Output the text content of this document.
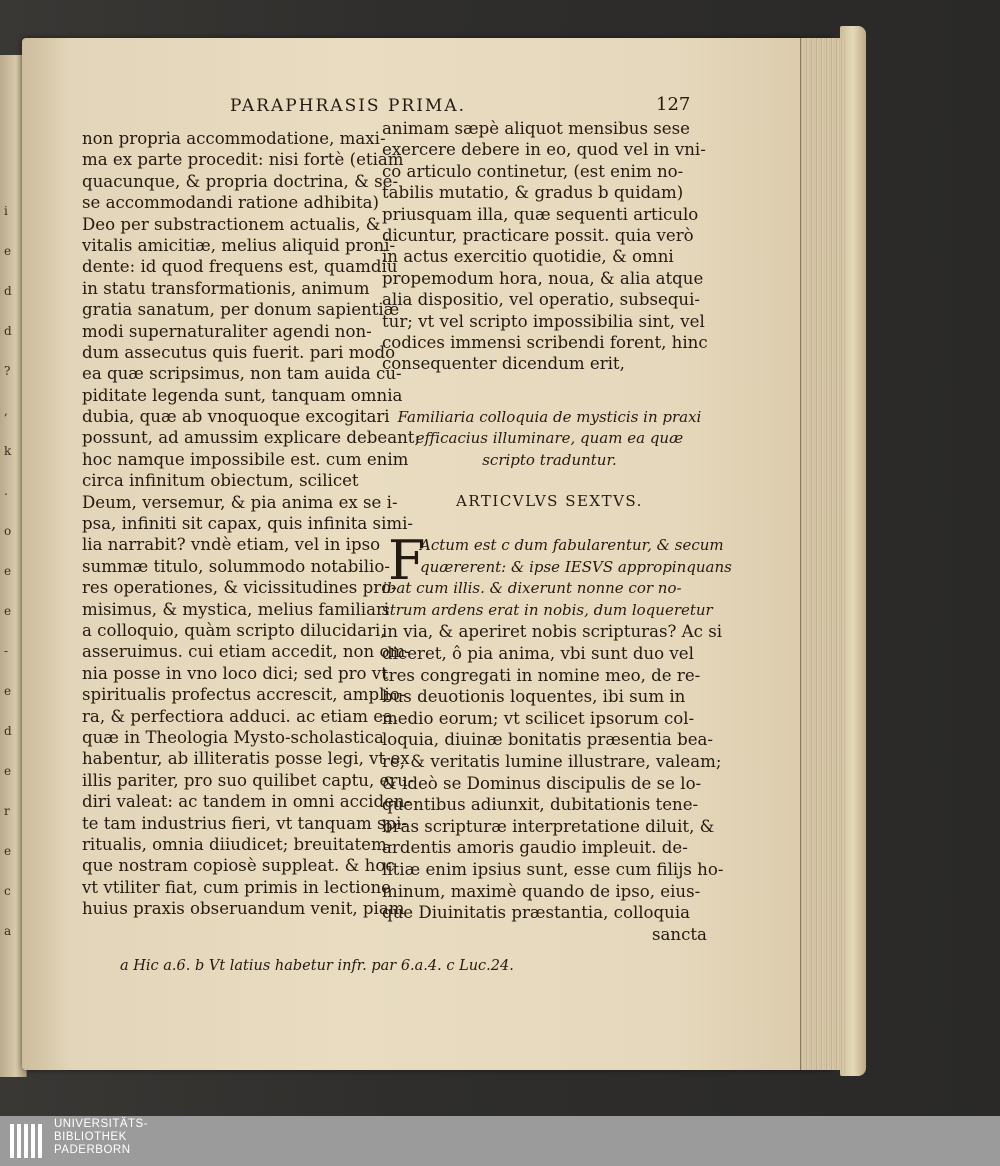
i
e
d
d
?
,
k
.
o
e
e
-
e
d
e
r
e
c
a
PARAPHRASIS PRIMA.	127
non propria accommodatione, maxi-
ma ex parte procedit: nisi fortè (etiam
quacunque, & propria doctrina, & se-
se accommodandi ratione adhibita)
Deo per substractionem actualis, &
vitalis amicitiæ, melius aliquid proni-
dente: id quod frequens est, quamdiu
in statu transformationis, animum
gratia sanatum, per donum sapientiæ
modi supernaturaliter agendi non-
dum assecutus quis fuerit. pari modo
ea quæ scripsimus, non tam auida cu-
piditate legenda sunt, tanquam omnia
dubia, quæ ab vnoquoque excogitari
possunt, ad amussim explicare debeant;
hoc namque impossibile est. cum enim
circa infinitum obiectum, scilicet
Deum, versemur, & pia anima ex se i-
psa, infiniti sit capax, quis infinita simi-
lia narrabit? vndè etiam, vel in ipso
summæ titulo, solummodo notabilio-
res operationes, & vicissitudines pro-
misimus, & mystica, melius familiari
a colloquio, quàm scripto dilucidari,
asseruimus. cui etiam accedit, non om-
nia posse in vno loco dici; sed pro vt
spiritualis profectus accrescit, amplio-
ra, & perfectiora adduci. ac etiam ea,
quæ in Theologia Mysto-scholastica
habentur, ab illiteratis posse legi, vt ex
illis pariter, pro suo quilibet captu, eru-
diri valeat: ac tandem in omni acciden-
te tam industrius fieri, vt tanquam spi-
ritualis, omnia diiudicet; breuitatem-
que nostram copiosè suppleat. & hoc
vt vtiliter fiat, cum primis in lectione
huius praxis obseruandum venit, piam
animam sæpè aliquot mensibus sese
exercere debere in eo, quod vel in vni-
co articulo continetur, (est enim no-
tabilis mutatio, & gradus b quidam)
priusquam illa, quæ sequenti articulo
dicuntur, practicare possit. quia verò
in actus exercitio quotidie, & omni
propemodum hora, noua, & alia atque
alia dispositio, vel operatio, subsequi-
tur; vt vel scripto impossibilia sint, vel
codices immensi scribendi forent, hinc
consequenter dicendum erit,
Familiaria colloquia de mysticis in praxi
efficacius illuminare, quam ea quæ
scripto traduntur.
ARTICVLVS SEXTVS.
F
Actum est c dum fabularentur, & secum
quærerent: & ipse IESVS appropinquans
ibat cum illis. & dixerunt nonne cor no-
strum ardens erat in nobis, dum loqueretur
in via, & aperiret nobis scripturas? Ac si
diceret, ô pia anima, vbi sunt duo vel
tres congregati in nomine meo, de re-
bus deuotionis loquentes, ibi sum in
medio eorum; vt scilicet ipsorum col-
loquia, diuinæ bonitatis præsentia bea-
re, & veritatis lumine illustrare, valeam;
& ideò se Dominus discipulis de se lo-
quentibus adiunxit, dubitationis tene-
bras scripturæ interpretatione diluit, &
ardentis amoris gaudio impleuit. de-
litiæ enim ipsius sunt, esse cum filijs ho-
minum, maximè quando de ipso, eius-
que Diuinitatis præstantia, colloquia
sancta
a Hic a.6. b Vt latius habetur infr. par 6.a.4. c Luc.24.
UNIVERSITÄTS-
BIBLIOTHEK
PADERBORN
